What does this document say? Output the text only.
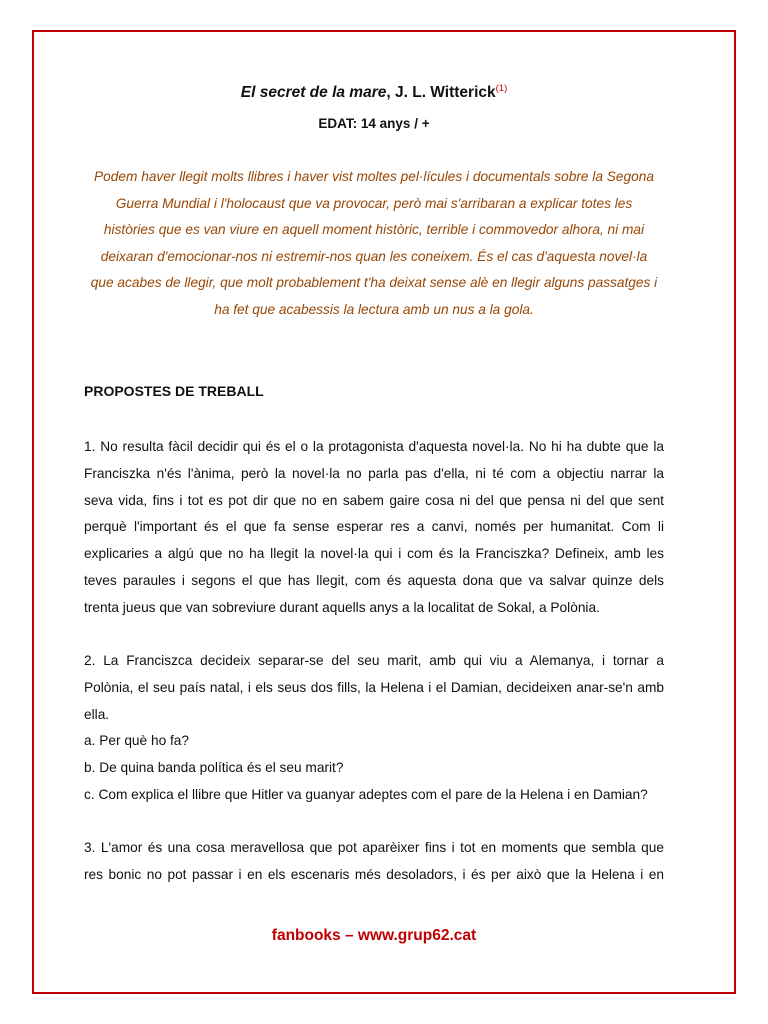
El secret de la mare, J. L. Witterick$^{(1)}$
EDAT: 14 anys / +
Podem haver llegit molts llibres i haver vist moltes pel·lícules i documentals sobre la Segona
Guerra Mundial i l'holocaust que va provocar, però mai s'arribaran a explicar totes les
històries que es van viure en aquell moment històric, terrible i commovedor alhora, ni mai
deixaran d'emocionar-nos ni estremir-nos quan les coneixem. És el cas d'aquesta novel·la
que acabes de llegir, que molt probablement t'ha deixat sense alè en llegir alguns passatges i
ha fet que acabessis la lectura amb un nus a la gola.
PROPOSTES DE TREBALL
1. No resulta fàcil decidir qui és el o la protagonista d'aquesta novel·la. No hi ha dubte que la
Franciszka n'és l'ànima, però la novel·la no parla pas d'ella, ni té com a objectiu narrar la
seva vida, fins i tot es pot dir que no en sabem gaire cosa ni del que pensa ni del que sent
perquè l'important és el que fa sense esperar res a canvi, només per humanitat. Com li
explicaries a algú que no ha llegit la novel·la qui i com és la Franciszka? Defineix, amb les
teves paraules i segons el que has llegit, com és aquesta dona que va salvar quinze dels
trenta jueus que van sobreviure durant aquells anys a la localitat de Sokal, a Polònia.
2. La Franciszca decideix separar-se del seu marit, amb qui viu a Alemanya, i tornar a
Polònia, el seu país natal, i els seus dos fills, la Helena i el Damian, decideixen anar-se'n amb
ella.
a. Per què ho fa?
b. De quina banda política és el seu marit?
c. Com explica el llibre que Hitler va guanyar adeptes com el pare de la Helena i en Damian?
3. L'amor és una cosa meravellosa que pot aparèixer fins i tot en moments que sembla que
res bonic no pot passar i en els escenaris més desoladors, i és per això que la Helena i en
fanbooks – www.grup62.cat
